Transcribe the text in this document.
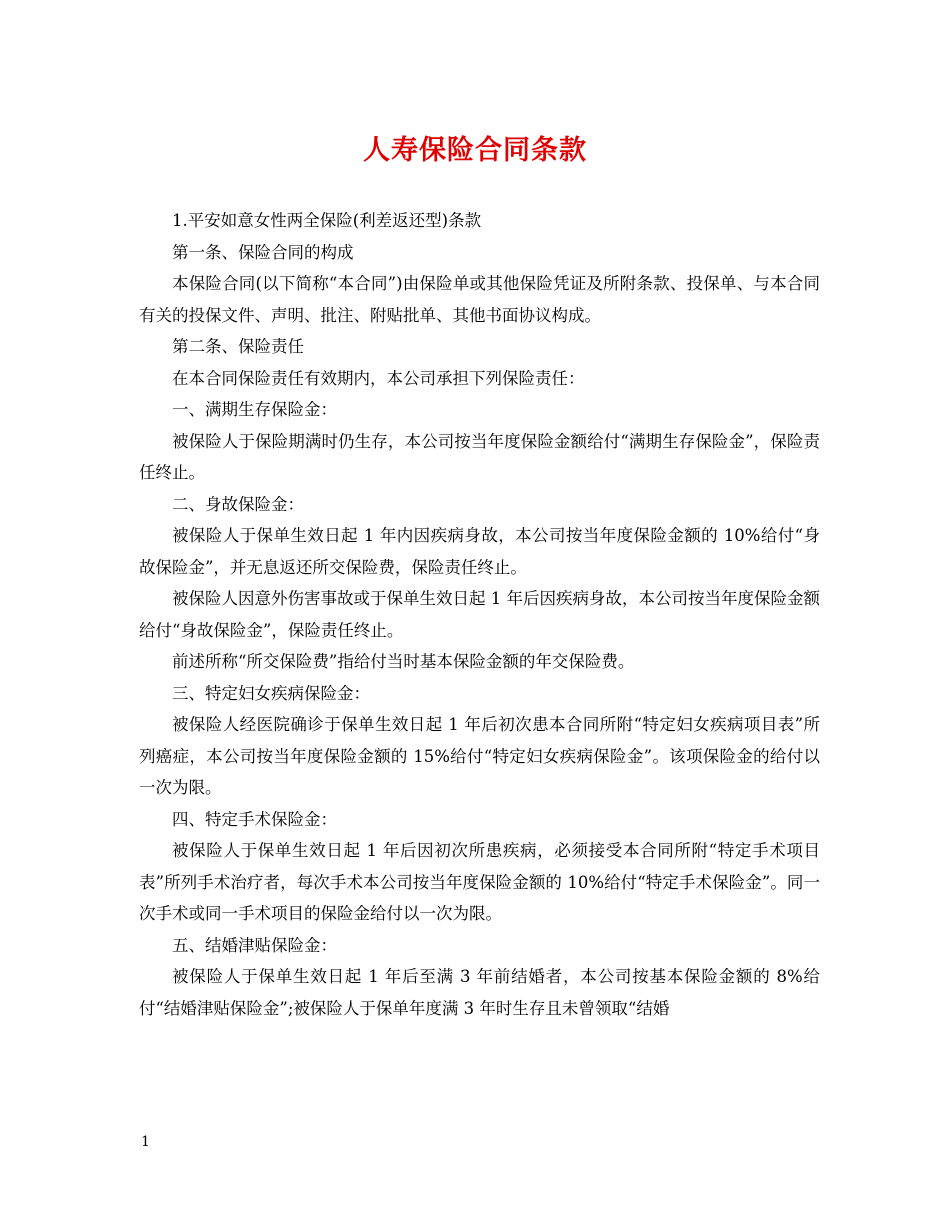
人寿保险合同条款

1.平安如意女性两全保险(利差返还型)条款

第一条、保险合同的构成

本保险合同(以下简称“本合同”)由保险单或其他保险凭证及所附条款、投保单、与本合同有关的投保文件、声明、批注、附贴批单、其他书面协议构成。

第二条、保险责任

在本合同保险责任有效期内，本公司承担下列保险责任：

一、满期生存保险金：

被保险人于保险期满时仍生存，本公司按当年度保险金额给付“满期生存保险金”，保险责任终止。

二、身故保险金：

被保险人于保单生效日起 1 年内因疾病身故，本公司按当年度保险金额的 10%给付“身故保险金”，并无息返还所交保险费，保险责任终止。

被保险人因意外伤害事故或于保单生效日起 1 年后因疾病身故，本公司按当年度保险金额给付“身故保险金”，保险责任终止。

前述所称“所交保险费”指给付当时基本保险金额的年交保险费。

三、特定妇女疾病保险金：

被保险人经医院确诊于保单生效日起 1 年后初次患本合同所附“特定妇女疾病项目表”所列癌症，本公司按当年度保险金额的 15%给付“特定妇女疾病保险金”。该项保险金的给付以一次为限。

四、特定手术保险金：

被保险人于保单生效日起 1 年后因初次所患疾病，必须接受本合同所附“特定手术项目表”所列手术治疗者，每次手术本公司按当年度保险金额的 10%给付“特定手术保险金”。同一次手术或同一手术项目的保险金给付以一次为限。

五、结婚津贴保险金：

被保险人于保单生效日起 1 年后至满 3 年前结婚者，本公司按基本保险金额的 8%给付“结婚津贴保险金”;被保险人于保单年度满 3 年时生存且未曾领取“结婚

1
